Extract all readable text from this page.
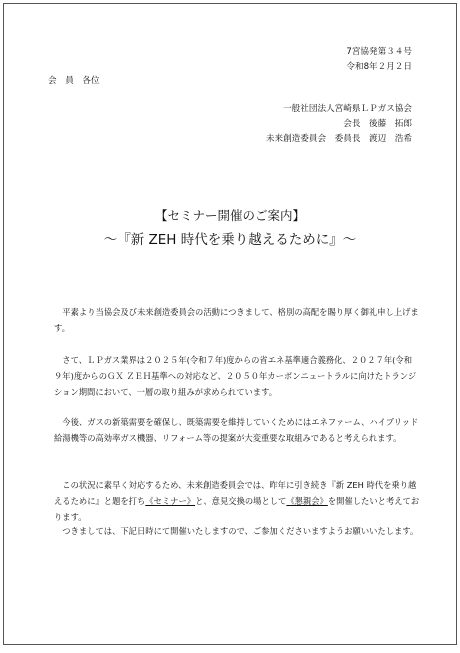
7宮協発第３４号
令和8年２月２日
会　員　各位
一般社団法人宮崎県ＬＰガス協会
会長　後藤　拓郎
未来創造委員会　委員長　渡辺　浩希
【セミナー開催のご案内】
～『新 ZEH 時代を乗り越えるために』～
平素より当協会及び未来創造委員会の活動につきまして、格別の高配を賜り厚く御礼申し上げます。
さて、ＬＰガス業界は２０２５年(令和７年)度からの省エネ基準適合義務化、２０２７年(令和９年)度からのＧＸ ＺＥＨ基準への対応など、２０５０年カーボンニュートラルに向けたトランジション期間において、一層の取り組みが求められています。
今後、ガスの新築需要を確保し、既築需要を維持していくためにはエネファーム、ハイブリッド給湯機等の高効率ガス機器、リフォーム等の提案が大変重要な取組みであると考えられます。
この状況に素早く対応するため、未来創造委員会では、昨年に引き続き『新 ZEH 時代を乗り越えるために』と題を打ち《セミナー》と、意見交換の場として《懇親会》を開催したいと考えております。
つきましては、下記日時にて開催いたしますので、ご参加くださいますようお願いいたします。
